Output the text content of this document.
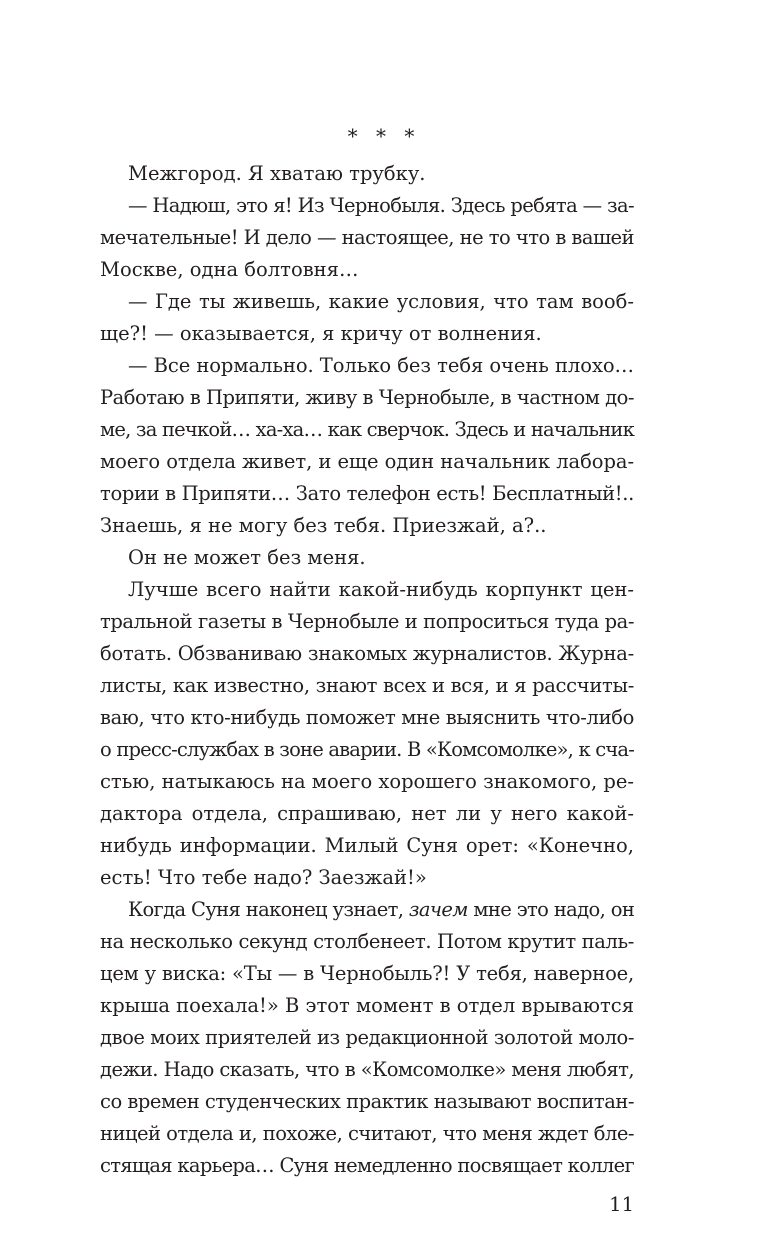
* * *
Межгород. Я хватаю трубку.
— Надюш, это я! Из Чернобыля. Здесь ребята — за-
мечательные! И дело — настоящее, не то что в вашей
Москве, одна болтовня…
— Где ты живешь, какие условия, что там вооб-
ще?! — оказывается, я кричу от волнения.
— Все нормально. Только без тебя очень плохо…
Работаю в Припяти, живу в Чернобыле, в частном до-
ме, за печкой… ха-ха… как сверчок. Здесь и начальник
моего отдела живет, и еще один начальник лабора-
тории в Припяти… Зато телефон есть! Бесплатный!..
Знаешь, я не могу без тебя. Приезжай, а?..
Он не может без меня.
Лучше всего найти какой-нибудь корпункт цен-
тральной газеты в Чернобыле и попроситься туда ра-
ботать. Обзваниваю знакомых журналистов. Журна-
листы, как известно, знают всех и вся, и я рассчиты-
ваю, что кто-нибудь поможет мне выяснить что-либо
о пресс-службах в зоне аварии. В «Комсомолке», к сча-
стью, натыкаюсь на моего хорошего знакомого, ре-
дактора отдела, спрашиваю, нет ли у него какой-
нибудь информации. Милый Суня орет: «Конечно,
есть! Что тебе надо? Заезжай!»
Когда Суня наконец узнает, зачем мне это надо, он
на несколько секунд столбенеет. Потом крутит паль-
цем у виска: «Ты — в Чернобыль?! У тебя, наверное,
крыша поехала!» В этот момент в отдел врываются
двое моих приятелей из редакционной золотой моло-
дежи. Надо сказать, что в «Комсомолке» меня любят,
со времен студенческих практик называют воспитан-
ницей отдела и, похоже, считают, что меня ждет бле-
стящая карьера… Суня немедленно посвящает коллег
11
